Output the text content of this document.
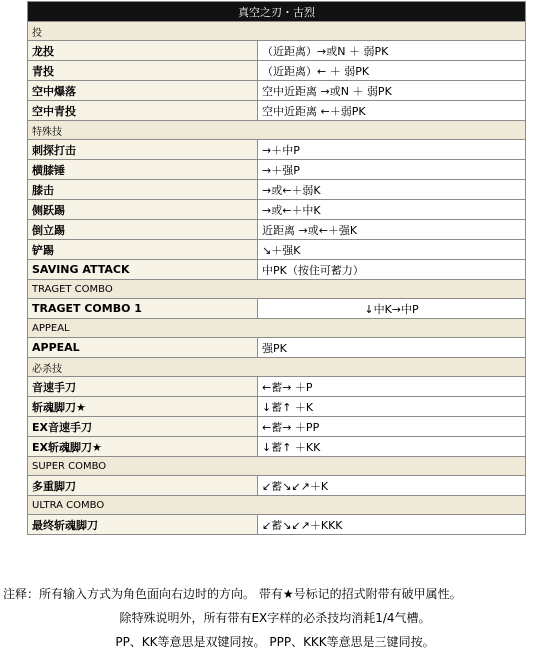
真空之刃・古烈	
投	
龙投	（近距离）→或N ＋ 弱PK
青投	（近距离）← ＋ 弱PK
空中爆落	空中近距离 →或N ＋ 弱PK
空中青投	空中近距离 ←＋弱PK
特殊技	
刺探打击	→＋中P
横膝锤	→＋强P
膝击	→或←＋弱K
侧跃踢	→或←＋中K
倒立踢	近距离 →或←＋强K
铲踢	↘＋强K
SAVING ATTACK	中PK（按住可蓄力）
TRAGET COMBO	
TRAGET COMBO 1	↓中K→中P
APPEAL	
APPEAL	强PK
必杀技	
音速手刀	←蓄→ ＋P
斩魂脚刀★	↓蓄↑ ＋K
EX音速手刀	←蓄→ ＋PP
EX斩魂脚刀★	↓蓄↑ ＋KK
SUPER COMBO	
多重脚刀	↙蓄↘↙↗＋K
ULTRA COMBO	
最终斩魂脚刀	↙蓄↘↙↗＋KKK
注释：所有输入方式为角色面向右边时的方向。 带有★号标记的招式附带有破甲属性。
除特殊说明外，所有带有EX字样的必杀技均消耗1/4气槽。
PP、KK等意思是双键同按。 PPP、KKK等意思是三键同按。
